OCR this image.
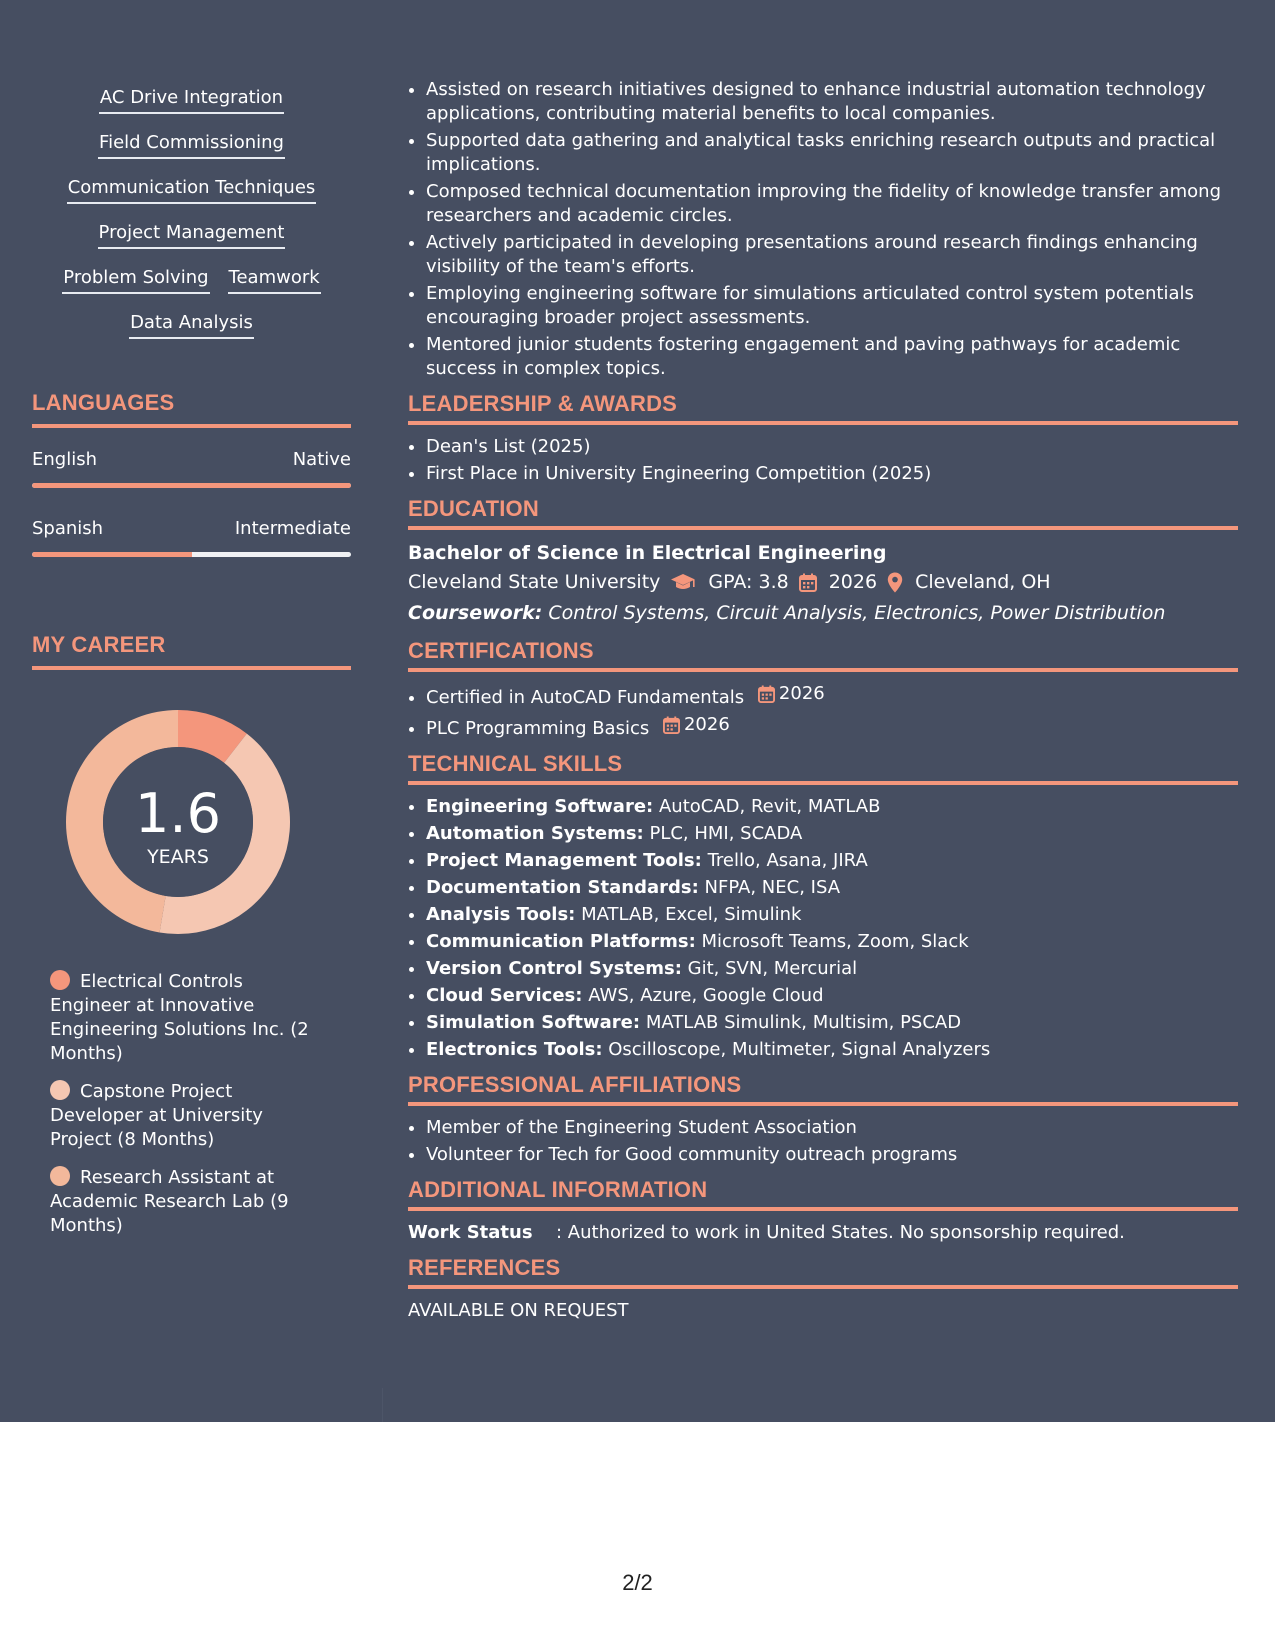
AC Drive Integration
Field Commissioning
Communication Techniques
Project Management
Problem Solving Teamwork
Data Analysis
LANGUAGES
English	Native
Spanish	Intermediate
MY CAREER
1.6
YEARS
Electrical Controls Engineer at Innovative Engineering Solutions Inc. (2 Months)
Capstone Project Developer at University Project (8 Months)
Research Assistant at Academic Research Lab (9 Months)
• Assisted on research initiatives designed to enhance industrial automation technology applications, contributing material benefits to local companies.
• Supported data gathering and analytical tasks enriching research outputs and practical implications.
• Composed technical documentation improving the fidelity of knowledge transfer among researchers and academic circles.
• Actively participated in developing presentations around research findings enhancing visibility of the team's efforts.
• Employing engineering software for simulations articulated control system potentials encouraging broader project assessments.
• Mentored junior students fostering engagement and paving pathways for academic success in complex topics.
LEADERSHIP & AWARDS
• Dean's List (2025)
• First Place in University Engineering Competition (2025)
EDUCATION
Bachelor of Science in Electrical Engineering
Cleveland State University	GPA: 3.8 2026 Cleveland, OH
Coursework: Control Systems, Circuit Analysis, Electronics, Power Distribution
CERTIFICATIONS
• Certified in AutoCAD Fundamentals 2026
• PLC Programming Basics 2026
TECHNICAL SKILLS
• Engineering Software: AutoCAD, Revit, MATLAB
• Automation Systems: PLC, HMI, SCADA
• Project Management Tools: Trello, Asana, JIRA
• Documentation Standards: NFPA, NEC, ISA
• Analysis Tools: MATLAB, Excel, Simulink
• Communication Platforms: Microsoft Teams, Zoom, Slack
• Version Control Systems: Git, SVN, Mercurial
• Cloud Services: AWS, Azure, Google Cloud
• Simulation Software: MATLAB Simulink, Multisim, PSCAD
• Electronics Tools: Oscilloscope, Multimeter, Signal Analyzers
PROFESSIONAL AFFILIATIONS
• Member of the Engineering Student Association
• Volunteer for Tech for Good community outreach programs
ADDITIONAL INFORMATION
Work Status	: Authorized to work in United States. No sponsorship required.
REFERENCES
AVAILABLE ON REQUEST
2/2
